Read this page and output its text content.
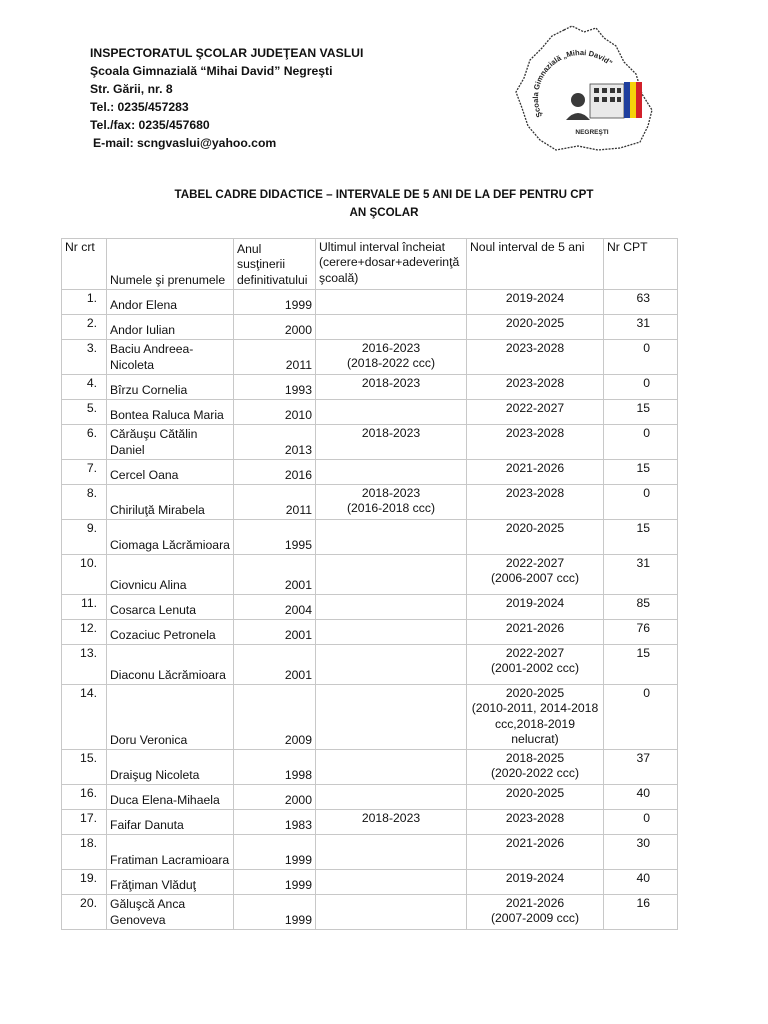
INSPECTORATUL ŞCOLAR JUDEŢEAN VASLUI
Şcoala Gimnazială “Mihai David” Negreşti
Str. Gării, nr. 8
Tel.: 0235/457283
Tel./fax: 0235/457680
E-mail: scngvaslui@yahoo.com
Şcoala Gimnazială „Mihai David”
NEGREŞTI
TABEL CADRE DIDACTICE – INTERVALE DE 5 ANI DE LA DEF PENTRU CPT
AN ŞCOLAR
Nr crt	Numele şi prenumele	Anul susţinerii definitivatului	Ultimul interval încheiat (cerere+dosar+adeverinţă şcoală)	Noul interval de 5 ani	Nr CPT
1.	Andor Elena	1999		2019-2024	63
2.	Andor Iulian	2000		2020-2025	31
3.	Baciu Andreea-Nicoleta	2011	2016-2023
(2018-2022 ccc)	2023-2028	0
4.	Bîrzu Cornelia	1993	2018-2023	2023-2028	0
5.	Bontea Raluca Maria	2010		2022-2027	15
6.	Cărăuşu Cătălin Daniel	2013	2018-2023	2023-2028	0
7.	Cercel Oana	2016		2021-2026	15
8.	Chiriluţă Mirabela	2011	2018-2023
(2016-2018 ccc)	2023-2028	0
9.	Ciomaga Lăcrămioara	1995		2020-2025	15
10.	Ciovnicu Alina	2001		2022-2027
(2006-2007 ccc)	31
11.	Cosarca Lenuta	2004		2019-2024	85
12.	Cozaciuc Petronela	2001		2021-2026	76
13.	Diaconu Lăcrămioara	2001		2022-2027
(2001-2002 ccc)	15
14.	Doru Veronica	2009		2020-2025
(2010-2011, 2014-2018
ccc,2018-2019
nelucrat)	0
15.	Draişug Nicoleta	1998		2018-2025
(2020-2022 ccc)	37
16.	Duca Elena-Mihaela	2000		2020-2025	40
17.	Faifar Danuta	1983	2018-2023	2023-2028	0
18.	Fratiman Lacramioara	1999		2021-2026	30
19.	Frăţiman Vlăduţ	1999		2019-2024	40
20.	Găluşcă Anca Genoveva	1999		2021-2026
(2007-2009 ccc)	16
